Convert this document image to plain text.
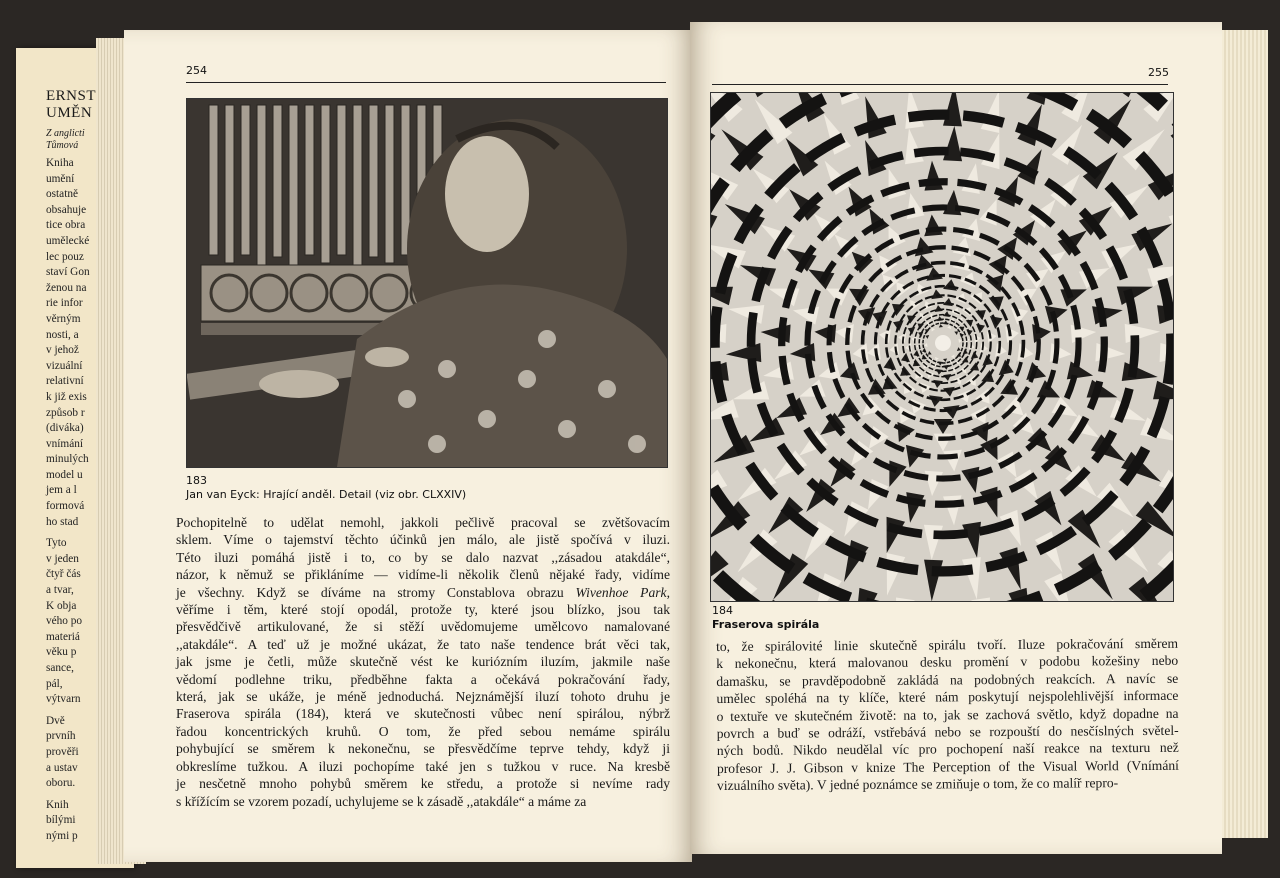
ERNST
UMĚN
Z anglicti
Tůmová
Kniha
umění
ostatně
obsahuje
tice obra
umělecké
lec pouz
staví Gon
ženou na
rie infor
věrným
nosti, a
v jehož
vizuální
relativní
k již exis
způsob r
(diváka)
vnímání
minulých
model u
jem a l
formová
ho stad
Tyto
v jeden
čtyř čás
a tvar,
K obja
vého po
materiá
věku p
sance,
pál,
výtvarn
Dvě
prvníh
prověři
a ustav
oboru.
Knih
bílými
nými p
254
183
Jan van Eyck: Hrající anděl. Detail (viz obr. CLXXIV)
Pochopitelně to udělat nemohl, jakkoli pečlivě pracoval se zvětšovacím
sklem. Víme o tajemství těchto účinků jen málo, ale jistě spočívá v iluzi.
Této iluzi pomáhá jistě i to, co by se dalo nazvat ,,zásadou atakdále“,
názor, k němuž se přikláníme — vidíme-li několik členů nějaké řady, vidíme
je všechny. Když se díváme na stromy Constablova obrazu Wivenhoe Park,
věříme i těm, které stojí opodál, protože ty, které jsou blízko, jsou tak
přesvědčivě artikulované, že si stěží uvědomujeme umělcovo namalované
,,atakdále“. A teď už je možné ukázat, že tato naše tendence brát věci tak,
jak jsme je četli, může skutečně vést ke kuriózním iluzím, jakmile naše
vědomí podlehne triku, předběhne fakta a očekává pokračování řady,
která, jak se ukáže, je méně jednoduchá. Nejznámější iluzí tohoto druhu je
Fraserova spirála (184), která ve skutečnosti vůbec není spirálou, nýbrž
řadou koncentrických kruhů. O tom, že před sebou nemáme spirálu
pohybující se směrem k nekonečnu, se přesvědčíme teprve tehdy, když ji
obkreslíme tužkou. A iluzi pochopíme také jen s tužkou v ruce. Na kresbě
je nesčetně mnoho pohybů směrem ke středu, a protože si nevíme rady
s křížícím se vzorem pozadí, uchylujeme se k zásadě ,,atakdále“ a máme za
255
184
Fraserova spirála
to, že spirálovité linie skutečně spirálu tvoří. Iluze pokračování směrem
k nekonečnu, která malovanou desku promění v podobu kožešiny nebo
damašku, se pravděpodobně zakládá na podobných reakcích. A navíc se
umělec spoléhá na ty klíče, které nám poskytují nejspolehlivější informace
o textuře ve skutečném životě: na to, jak se zachová světlo, když dopadne na
povrch a buď se odráží, vstřebává nebo se rozpouští do nesčíslných světel-
ných bodů. Nikdo neudělal víc pro pochopení naší reakce na texturu než
profesor J. J. Gibson v knize The Perception of the Visual World (Vnímání
vizuálního světa). V jedné poznámce se zmiňuje o tom, že co malíř repro-
